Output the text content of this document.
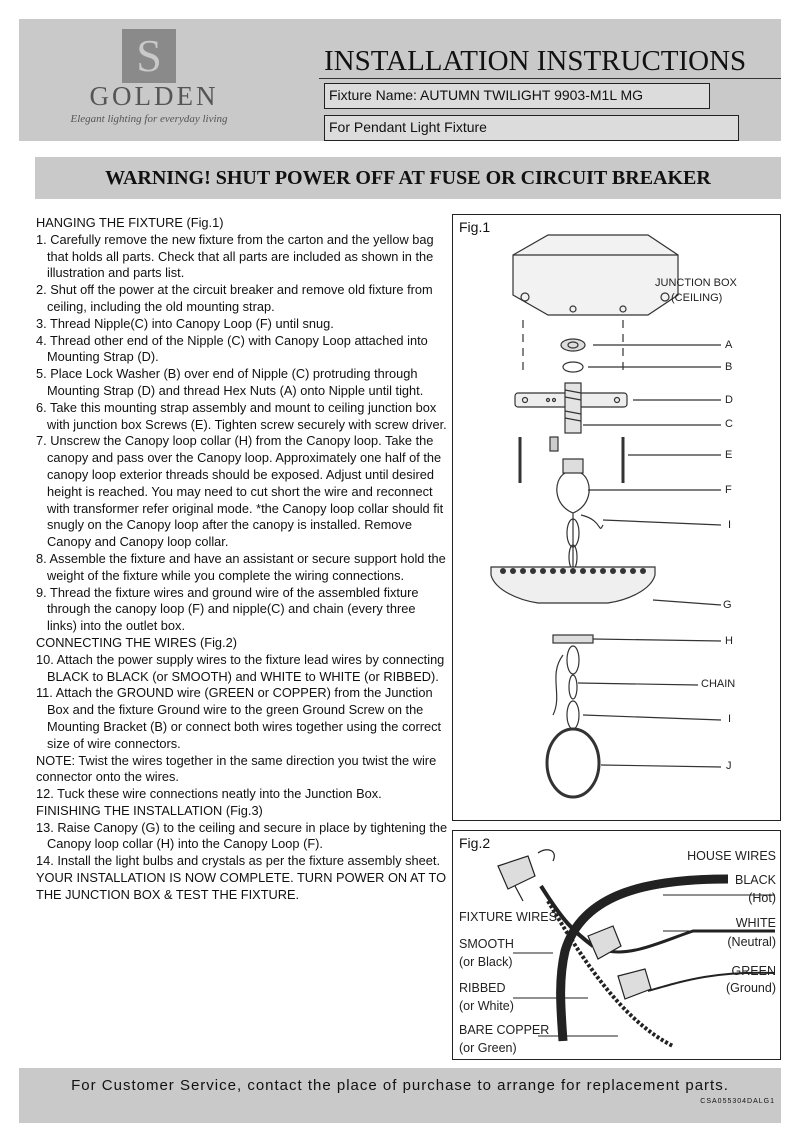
S
GOLDEN
Elegant lighting for everyday living
INSTALLATION INSTRUCTIONS
Fixture Name: AUTUMN TWILIGHT 9903-M1L MG
For Pendant Light Fixture
WARNING! SHUT POWER OFF AT FUSE OR CIRCUIT BREAKER

HANGING THE FIXTURE (Fig.1)

1. Carefully remove the new fixture from the carton and the yellow bag that holds all parts. Check that all parts are included as shown in the illustration and parts list.

2. Shut off the power at the circuit breaker and remove old fixture from ceiling, including the old mounting strap.

3. Thread Nipple(C) into Canopy Loop (F) until snug.

4. Thread other end of the Nipple (C) with Canopy Loop attached into Mounting Strap (D).

5. Place Lock Washer (B) over end of Nipple (C) protruding through Mounting Strap (D) and thread Hex Nuts (A) onto Nipple until tight.

6. Take this mounting strap assembly and mount to ceiling junction box with junction box Screws (E). Tighten screw securely with screw driver.

7. Unscrew the Canopy loop collar (H) from the Canopy loop. Take the canopy and pass over the Canopy loop. Approximately one half of the canopy loop exterior threads should be exposed. Adjust until desired height is reached. You may need to cut short the wire and reconnect with transformer refer original mode. *the Canopy loop collar should fit snugly on the Canopy loop after the canopy is installed. Remove Canopy and Canopy loop collar.

8. Assemble the fixture and have an assistant or secure support hold the weight of the fixture while you complete the wiring connections.

9. Thread the fixture wires and ground wire of the assembled fixture through the canopy loop (F) and nipple(C) and chain (every three links) into the outlet box.

CONNECTING THE WIRES (Fig.2)

10. Attach the power supply wires to the fixture lead wires by connecting BLACK to BLACK (or SMOOTH) and WHITE to WHITE (or RIBBED).

11. Attach the GROUND wire (GREEN or COPPER) from the Junction Box and the fixture Ground wire to the green Ground Screw on the Mounting Bracket (B) or connect both wires together using the correct size of wire connectors.

NOTE: Twist the wires together in the same direction you twist the wire connector onto the wires.

12. Tuck these wire connections neatly into the Junction Box.

FINISHING THE INSTALLATION (Fig.3)

13. Raise Canopy (G) to the ceiling and secure in place by tightening the Canopy loop collar (H) into the Canopy Loop (F).

14. Install the light bulbs and crystals as per the fixture assembly sheet.

YOUR INSTALLATION IS NOW COMPLETE. TURN POWER ON AT TO THE JUNCTION BOX & TEST THE FIXTURE.

Fig.1
JUNCTION BOX
(CEILING)
A
B
D
C
E
F
I
G
H
CHAIN
I
J
Fig.2
HOUSE WIRES
BLACK
(Hot)
WHITE
(Neutral)
GREEN
(Ground)
FIXTURE WIRES
SMOOTH
(or Black)
RIBBED
(or White)
BARE COPPER
(or Green)
For Customer Service, contact the place of purchase to arrange for replacement parts.
CSA055304DALG1
